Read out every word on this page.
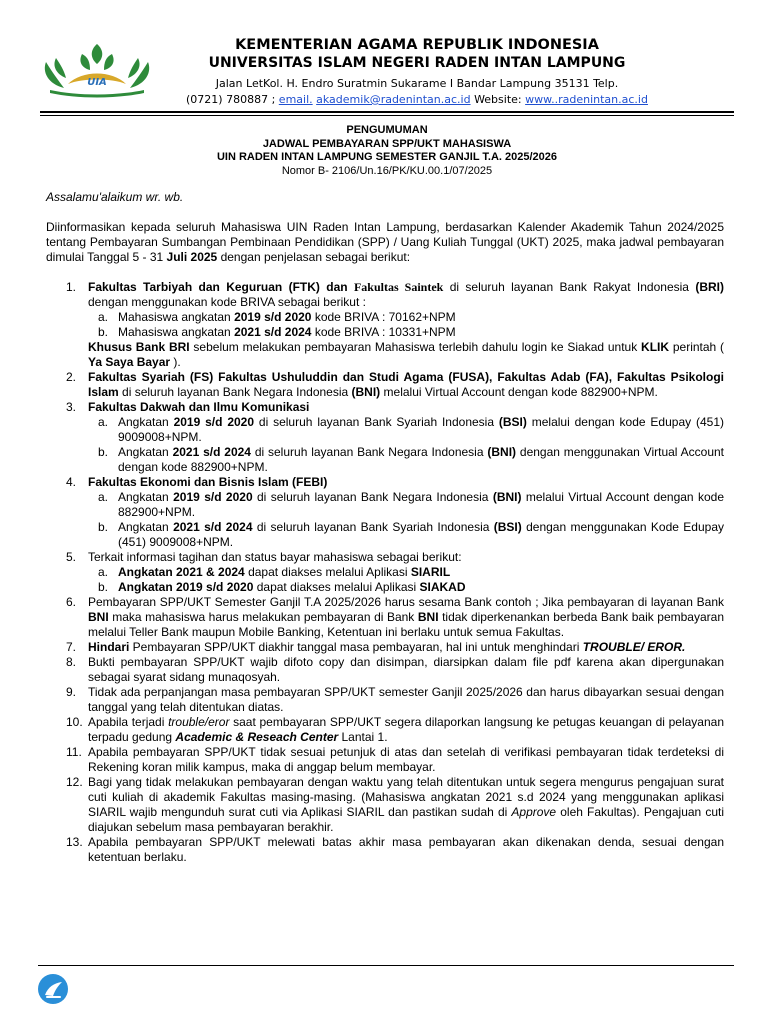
UIA
KEMENTERIAN AGAMA REPUBLIK INDONESIA
UNIVERSITAS ISLAM NEGERI RADEN INTAN LAMPUNG
Jalan LetKol. H. Endro Suratmin Sukarame I Bandar Lampung 35131 Telp.
(0721) 780887 ; email. akademik@radenintan.ac.id Website: www..radenintan.ac.id
PENGUMUMAN
JADWAL PEMBAYARAN SPP/UKT MAHASISWA
UIN RADEN INTAN LAMPUNG SEMESTER GANJIL T.A. 2025/2026
Nomor B- 2106/Un.16/PK/KU.00.1/07/2025

Assalamu'alaikum wr. wb.

Diinformasikan kepada seluruh Mahasiswa UIN Raden Intan Lampung, berdasarkan Kalender Akademik Tahun 2024/2025 tentang Pembayaran Sumbangan Pembinaan Pendidikan (SPP) / Uang Kuliah Tunggal (UKT) 2025, maka jadwal pembayaran dimulai Tanggal 5 - 31 Juli 2025 dengan penjelasan sebagai berikut:

1. Fakultas Tarbiyah dan Keguruan (FTK) dan Fakultas Saintek di seluruh layanan Bank Rakyat Indonesia (BRI) dengan menggunakan kode BRIVA sebagai berikut :
a. Mahasiswa angkatan 2019 s/d 2020 kode BRIVA : 70162+NPM
b. Mahasiswa angkatan 2021 s/d 2024 kode BRIVA : 10331+NPM
Khusus Bank BRI sebelum melakukan pembayaran Mahasiswa terlebih dahulu login ke Siakad untuk KLIK perintah ( Ya Saya Bayar ).
2. Fakultas Syariah (FS) Fakultas Ushuluddin dan Studi Agama (FUSA), Fakultas Adab (FA), Fakultas Psikologi Islam di seluruh layanan Bank Negara Indonesia (BNI) melalui Virtual Account dengan kode 882900+NPM.
3. Fakultas Dakwah dan Ilmu Komunikasi
a. Angkatan 2019 s/d 2020 di seluruh layanan Bank Syariah Indonesia (BSI) melalui dengan kode Edupay (451) 9009008+NPM.
b. Angkatan 2021 s/d 2024 di seluruh layanan Bank Negara Indonesia (BNI) dengan menggunakan Virtual Account dengan kode 882900+NPM.
4. Fakultas Ekonomi dan Bisnis Islam (FEBI)
a. Angkatan 2019 s/d 2020 di seluruh layanan Bank Negara Indonesia (BNI) melalui Virtual Account dengan kode 882900+NPM.
b. Angkatan 2021 s/d 2024 di seluruh layanan Bank Syariah Indonesia (BSI) dengan menggunakan Kode Edupay (451) 9009008+NPM.
5. Terkait informasi tagihan dan status bayar mahasiswa sebagai berikut:
a. Angkatan 2021 & 2024 dapat diakses melalui Aplikasi SIARIL
b. Angkatan 2019 s/d 2020 dapat diakses melalui Aplikasi SIAKAD
6. Pembayaran SPP/UKT Semester Ganjil T.A 2025/2026 harus sesama Bank contoh ; Jika pembayaran di layanan Bank BNI maka mahasiswa harus melakukan pembayaran di Bank BNI tidak diperkenankan berbeda Bank baik pembayaran melalui Teller Bank maupun Mobile Banking, Ketentuan ini berlaku untuk semua Fakultas.
7. Hindari Pembayaran SPP/UKT diakhir tanggal masa pembayaran, hal ini untuk menghindari TROUBLE/ EROR.
8. Bukti pembayaran SPP/UKT wajib difoto copy dan disimpan, diarsipkan dalam file pdf karena akan dipergunakan sebagai syarat sidang munaqosyah.
9. Tidak ada perpanjangan masa pembayaran SPP/UKT semester Ganjil 2025/2026 dan harus dibayarkan sesuai dengan tanggal yang telah ditentukan diatas.
10. Apabila terjadi trouble/eror saat pembayaran SPP/UKT segera dilaporkan langsung ke petugas keuangan di pelayanan terpadu gedung Academic & Reseach Center Lantai 1.
11. Apabila pembayaran SPP/UKT tidak sesuai petunjuk di atas dan setelah di verifikasi pembayaran tidak terdeteksi di Rekening koran milik kampus, maka di anggap belum membayar.
12. Bagi yang tidak melakukan pembayaran dengan waktu yang telah ditentukan untuk segera mengurus pengajuan surat cuti kuliah di akademik Fakultas masing-masing. (Mahasiswa angkatan 2021 s.d 2024 yang menggunakan aplikasi SIARIL wajib mengunduh surat cuti via Aplikasi SIARIL dan pastikan sudah di Approve oleh Fakultas). Pengajuan cuti diajukan sebelum masa pembayaran berakhir.
13. Apabila pembayaran SPP/UKT melewati batas akhir masa pembayaran akan dikenakan denda, sesuai dengan ketentuan berlaku.
